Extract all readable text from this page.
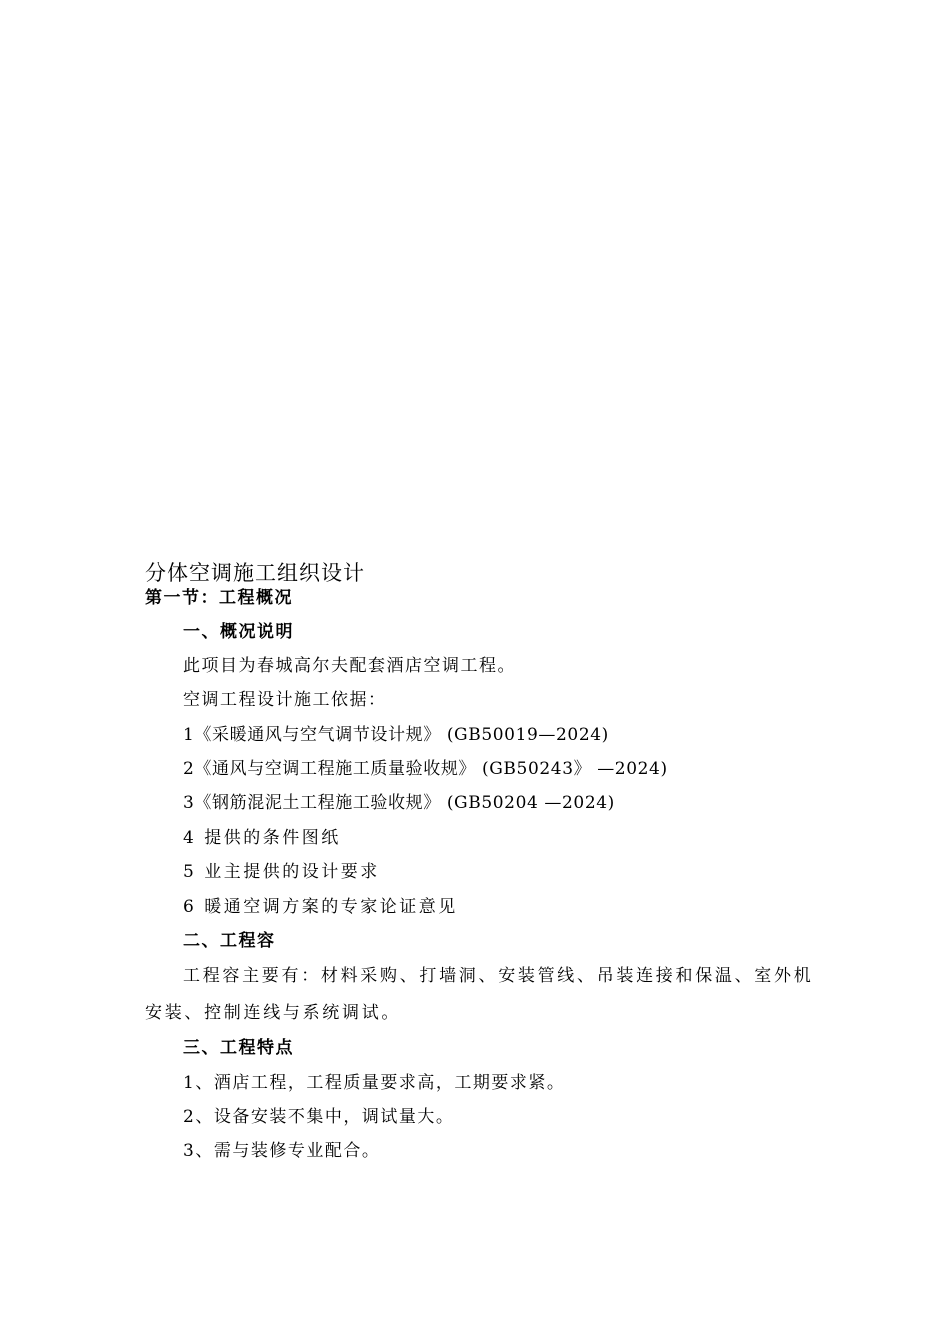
分体空调施工组织设计
第一节：工程概况
一、概况说明
此项目为春城高尔夫配套酒店空调工程。
空调工程设计施工依据：
1《采暖通风与空气调节设计规》 (GB50019—2024)
2《通风与空调工程施工质量验收规》 (GB50243》 —2024)
3《钢筋混泥土工程施工验收规》 (GB50204 —2024)
4 提供的条件图纸
5 业主提供的设计要求
6 暖通空调方案的专家论证意见
二、工程容
工程容主要有：材料采购、打墙洞、安装管线、吊装连接和保温、室外机
安装、控制连线与系统调试。
三、工程特点
1、酒店工程，工程质量要求高，工期要求紧。
2、设备安装不集中，调试量大。
3、需与装修专业配合。
